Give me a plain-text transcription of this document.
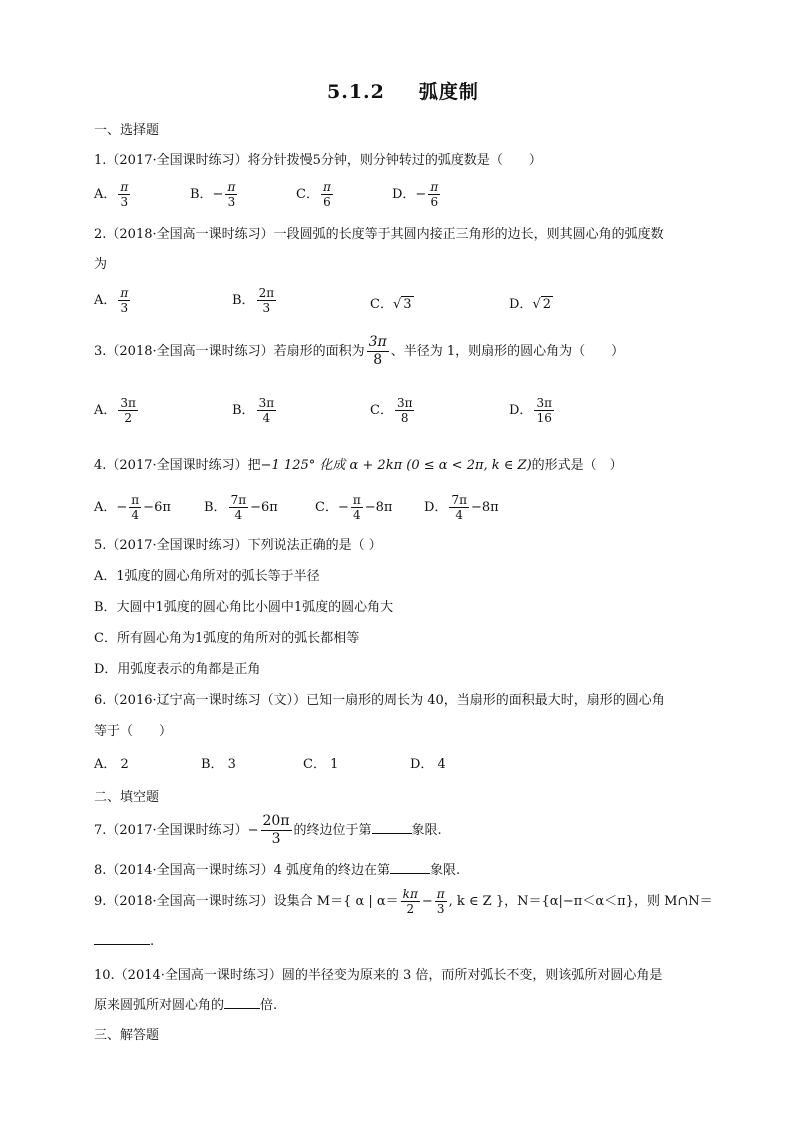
5.1.2 弧度制
一、选择题
1.（2017·全国课时练习）将分针拨慢5分钟，则分钟转过的弧度数是（　　）
A． $\frac{\pi}{3}$	B．− $\frac{\pi}{3}$	C． $\frac{\pi}{6}$	D．− $\frac{\pi}{6}$
2.（2018·全国高一课时练习）一段圆弧的长度等于其圆内接正三角形的边长，则其圆心角的弧度数
为
A． $\frac{\pi}{3}$	B． $\frac{2\pi}{3}$	C．√ 3	D．√ 2
3.（2018·全国高一课时练习）若扇形的面积为 $\frac{3\pi}{8}$ 、半径为 1，则扇形的圆心角为（　　）
A． $\frac{3\pi}{2}$	B． $\frac{3\pi}{4}$	C． $\frac{3\pi}{8}$	D． $\frac{3\pi}{16}$
4.（2017·全国课时练习）把−1 125° 化成 α + 2kπ (0 ≤ α < 2π, k ∈ Z)的形式是（　）
A．− $\frac{\pi}{4} -6\pi$	B． $\frac{7\pi}{4} -6\pi$	C．− $\frac{\pi}{4} -8\pi$ D． $\frac{7\pi}{4} -8\pi$
5.（2017·全国课时练习）下列说法正确的是（ ）
A．1弧度的圆心角所对的弧长等于半径
B．大圆中1弧度的圆心角比小圆中1弧度的圆心角大
C．所有圆心角为1弧度的角所对的弧长都相等
D．用弧度表示的角都是正角
6.（2016·辽宁高一课时练习（文））已知一扇形的周长为 40，当扇形的面积最大时，扇形的圆心角
等于（　　）
A． 2	B． 3	C． 1	D． 4
二、填空题
7.（2017·全国课时练习）− $\frac{20\pi}{3}$ 的终边位于第	象限.
8.（2014·全国高一课时练习）4 弧度角的终边在第	象限.
9.（2018·全国高一课时练习）设集合 M＝{ α | $\alpha= \frac{k\pi}{2} - \frac{\pi}{3}$ , k ∈ Z }，N＝{α|−π＜α＜π}，则 M∩N＝
.
10.（2014·全国高一课时练习）圆的半径变为原来的 3 倍，而所对弧长不变，则该弧所对圆心角是
原来圆弧所对圆心角的	倍.
三、解答题
